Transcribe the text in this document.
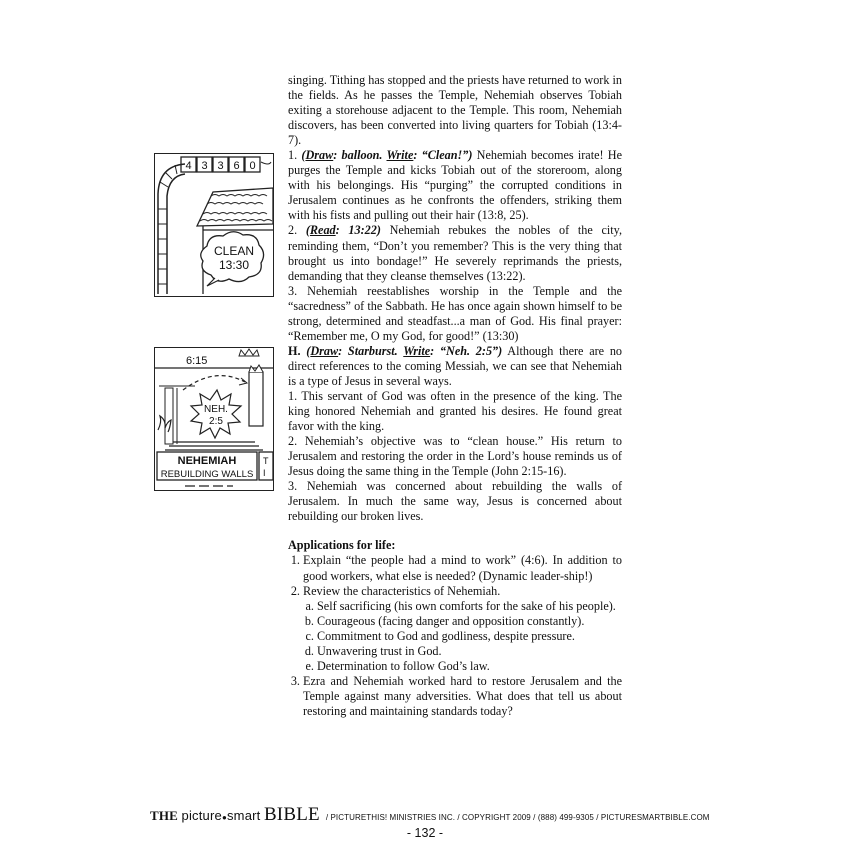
4 3 3 6 0
CLEAN
13:30
6:15
NEH.
2:5
NEHEMIAH
REBUILDING WALLS
T
I

singing. Tithing has stopped and the priests have returned to work in the fields. As he passes the Temple, Nehemiah observes Tobiah exiting a storehouse adjacent to the Temple. This room, Nehemiah discovers, has been converted into living quarters for Tobiah (13:4-7).

1. (Draw: balloon. Write: “Clean!”) Nehemiah becomes irate! He purges the Temple and kicks Tobiah out of the storeroom, along with his belongings. His “purging” the corrupted conditions in Jerusalem continues as he confronts the offenders, striking them with his fists and pulling out their hair (13:8, 25).

2. (Read: 13:22) Nehemiah rebukes the nobles of the city, reminding them, “Don’t you remember? This is the very thing that brought us into bondage!” He severely reprimands the priests, demanding that they cleanse themselves (13:22).

3. Nehemiah reestablishes worship in the Temple and the “sacredness” of the Sabbath. He has once again shown himself to be strong, determined and steadfast...a man of God. His final prayer: “Remember me, O my God, for good!” (13:30)

H. (Draw: Starburst. Write: “Neh. 2:5”) Although there are no direct references to the coming Messiah, we can see that Nehemiah is a type of Jesus in several ways.

1. This servant of God was often in the presence of the king. The king honored Nehemiah and granted his desires. He found great favor with the king.

2. Nehemiah’s objective was to “clean house.” His return to Jerusalem and restoring the order in the Lord’s house reminds us of Jesus doing the same thing in the Temple (John 2:15-16).

3. Nehemiah was concerned about rebuilding the walls of Jerusalem. In much the same way, Jesus is concerned about rebuilding our broken lives.

Applications for life:

1. Explain “the people had a mind to work” (4:6). In addition to good workers, what else is needed? (Dynamic leader-ship!)
2. Review the characteristics of Nehemiah.
a. Self sacrificing (his own comforts for the sake of his people).
b. Courageous (facing danger and opposition constantly).
c. Commitment to God and godliness, despite pressure.
d. Unwavering trust in God.
e. Determination to follow God’s law.
3. Ezra and Nehemiah worked hard to restore Jerusalem and the Temple against many adversities. What does that tell us about restoring and maintaining standards today?
THE picture●smart BIBLE / PICTURETHIS! MINISTRIES INC. / COPYRIGHT 2009 / (888) 499-9305 / PICTURESMARTBIBLE.COM
- 132 -
